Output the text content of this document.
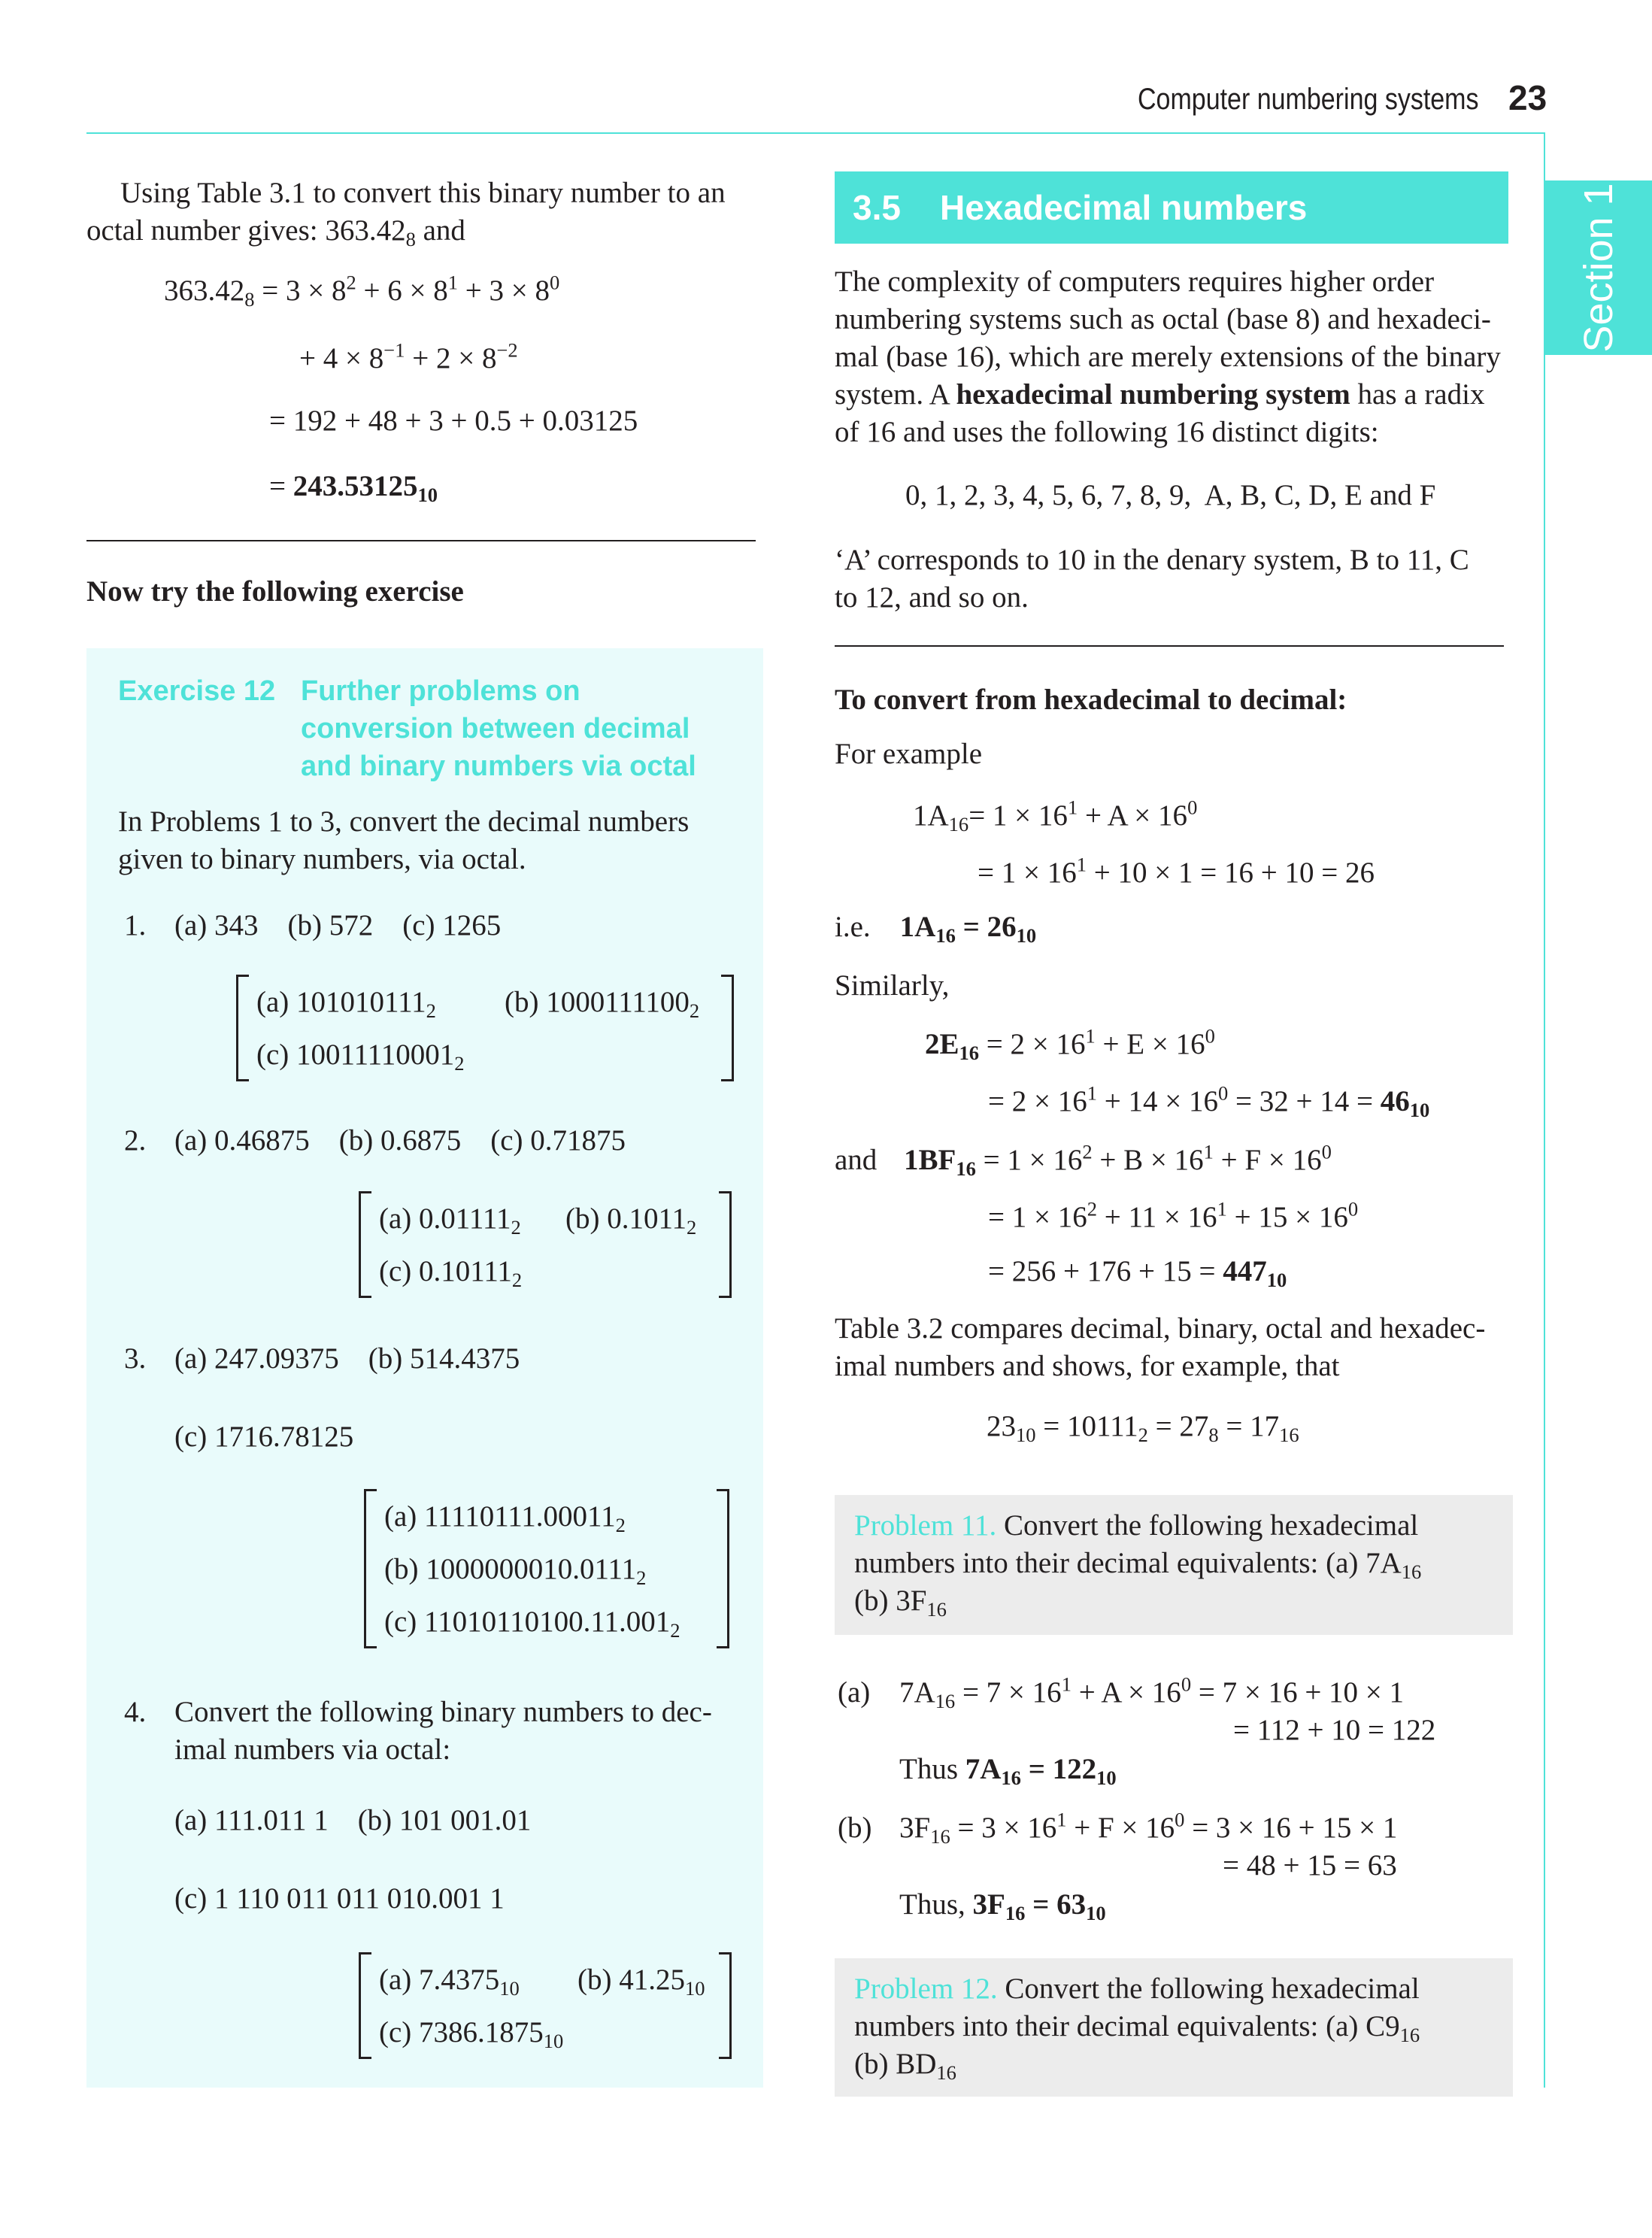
Computer numbering systems 23
Section 1
Using Table 3.1 to convert this binary number to an
octal number gives: $363.42_8$ and
$363.42_8 = 3 \times 8^2 + 6 \times 8^1 + 3 \times 8^0$
+ $4 \times 8^{-1} + 2 \times 8^{-2}$
= 192 + 48 + 3 + 0.5 + 0.03125
= $243.53125_{10}$
Now try the following exercise
Exercise 12 Further problems on
conversion between decimal
and binary numbers via octal
In Problems 1 to 3, convert the decimal numbers
given to binary numbers, via octal.
1. (a) 343    (b) 572    (c) 1265
(a) $101010111_2$ (b) $1000111100_2$
(c) $10011110001_2$
2. (a) 0.46875    (b) 0.6875    (c) 0.71875
(a) $0.01111_2$ (b) $0.1011_2$
(c) $0.10111_2$
3. (a) 247.09375    (b) 514.4375
(c) 1716.78125
(a) $11110111.00011_2$
(b) $1000000010.0111_2$
(c) $11010110100.11.001_2$
4. Convert the following binary numbers to dec-
imal numbers via octal:
(a) 111.011 1    (b) 101 001.01
(c) 1 110 011 011 010.001 1
(a) $7.4375_{10}$ (b) $41.25_{10}$
(c) $7386.1875_{10}$
3.5 Hexadecimal numbers
The complexity of computers requires higher order
numbering systems such as octal (base 8) and hexadeci-
mal (base 16), which are merely extensions of the binary
system. A hexadecimal numbering system has a radix
of 16 and uses the following 16 distinct digits:
0, 1, 2, 3, 4, 5, 6, 7, 8, 9,  A, B, C, D, E and F
‘A’ corresponds to 10 in the denary system, B to 11, C
to 12, and so on.
To convert from hexadecimal to decimal:
For example
$1A_{16}= 1 \times 16^1 + A \times 16^0$
= $1 \times 16^1 + 10 \times 1 = 16 + 10 = 26$
i.e. $1A_{16} = 26_{10}$
Similarly,
$2E_{16} = 2 \times 16^1 + E \times 16^0$
= $2 \times 16^1 + 14 \times 16^0 = 32 + 14 = 46_{10}$
and $1BF_{16} = 1 \times 16^2 + B \times 16^1 + F \times 16^0$
= $1 \times 16^2 + 11 \times 16^1 + 15 \times 16^0$
= $256 + 176 + 15 = 447_{10}$
Table 3.2 compares decimal, binary, octal and hexadec-
imal numbers and shows, for example, that
$23_{10} = 10111_2 = 27_8 = 17_{16}$
Problem 11. Convert the following hexadecimal
numbers into their decimal equivalents: (a) $7A_{16}$
(b) $3F_{16}$
(a) $7A_{16} = 7 \times 16^1 + A \times 16^0 = 7 \times 16 + 10 \times 1$
= 112 + 10 = 122
Thus $7A_{16} = 122_{10}$
(b) $3F_{16} = 3 \times 16^1 + F \times 16^0 = 3 \times 16 + 15 \times 1$
= 48 + 15 = 63
Thus, $3F_{16} = 63_{10}$
Problem 12. Convert the following hexadecimal
numbers into their decimal equivalents: (a) $C9_{16}$
(b) $BD_{16}$
